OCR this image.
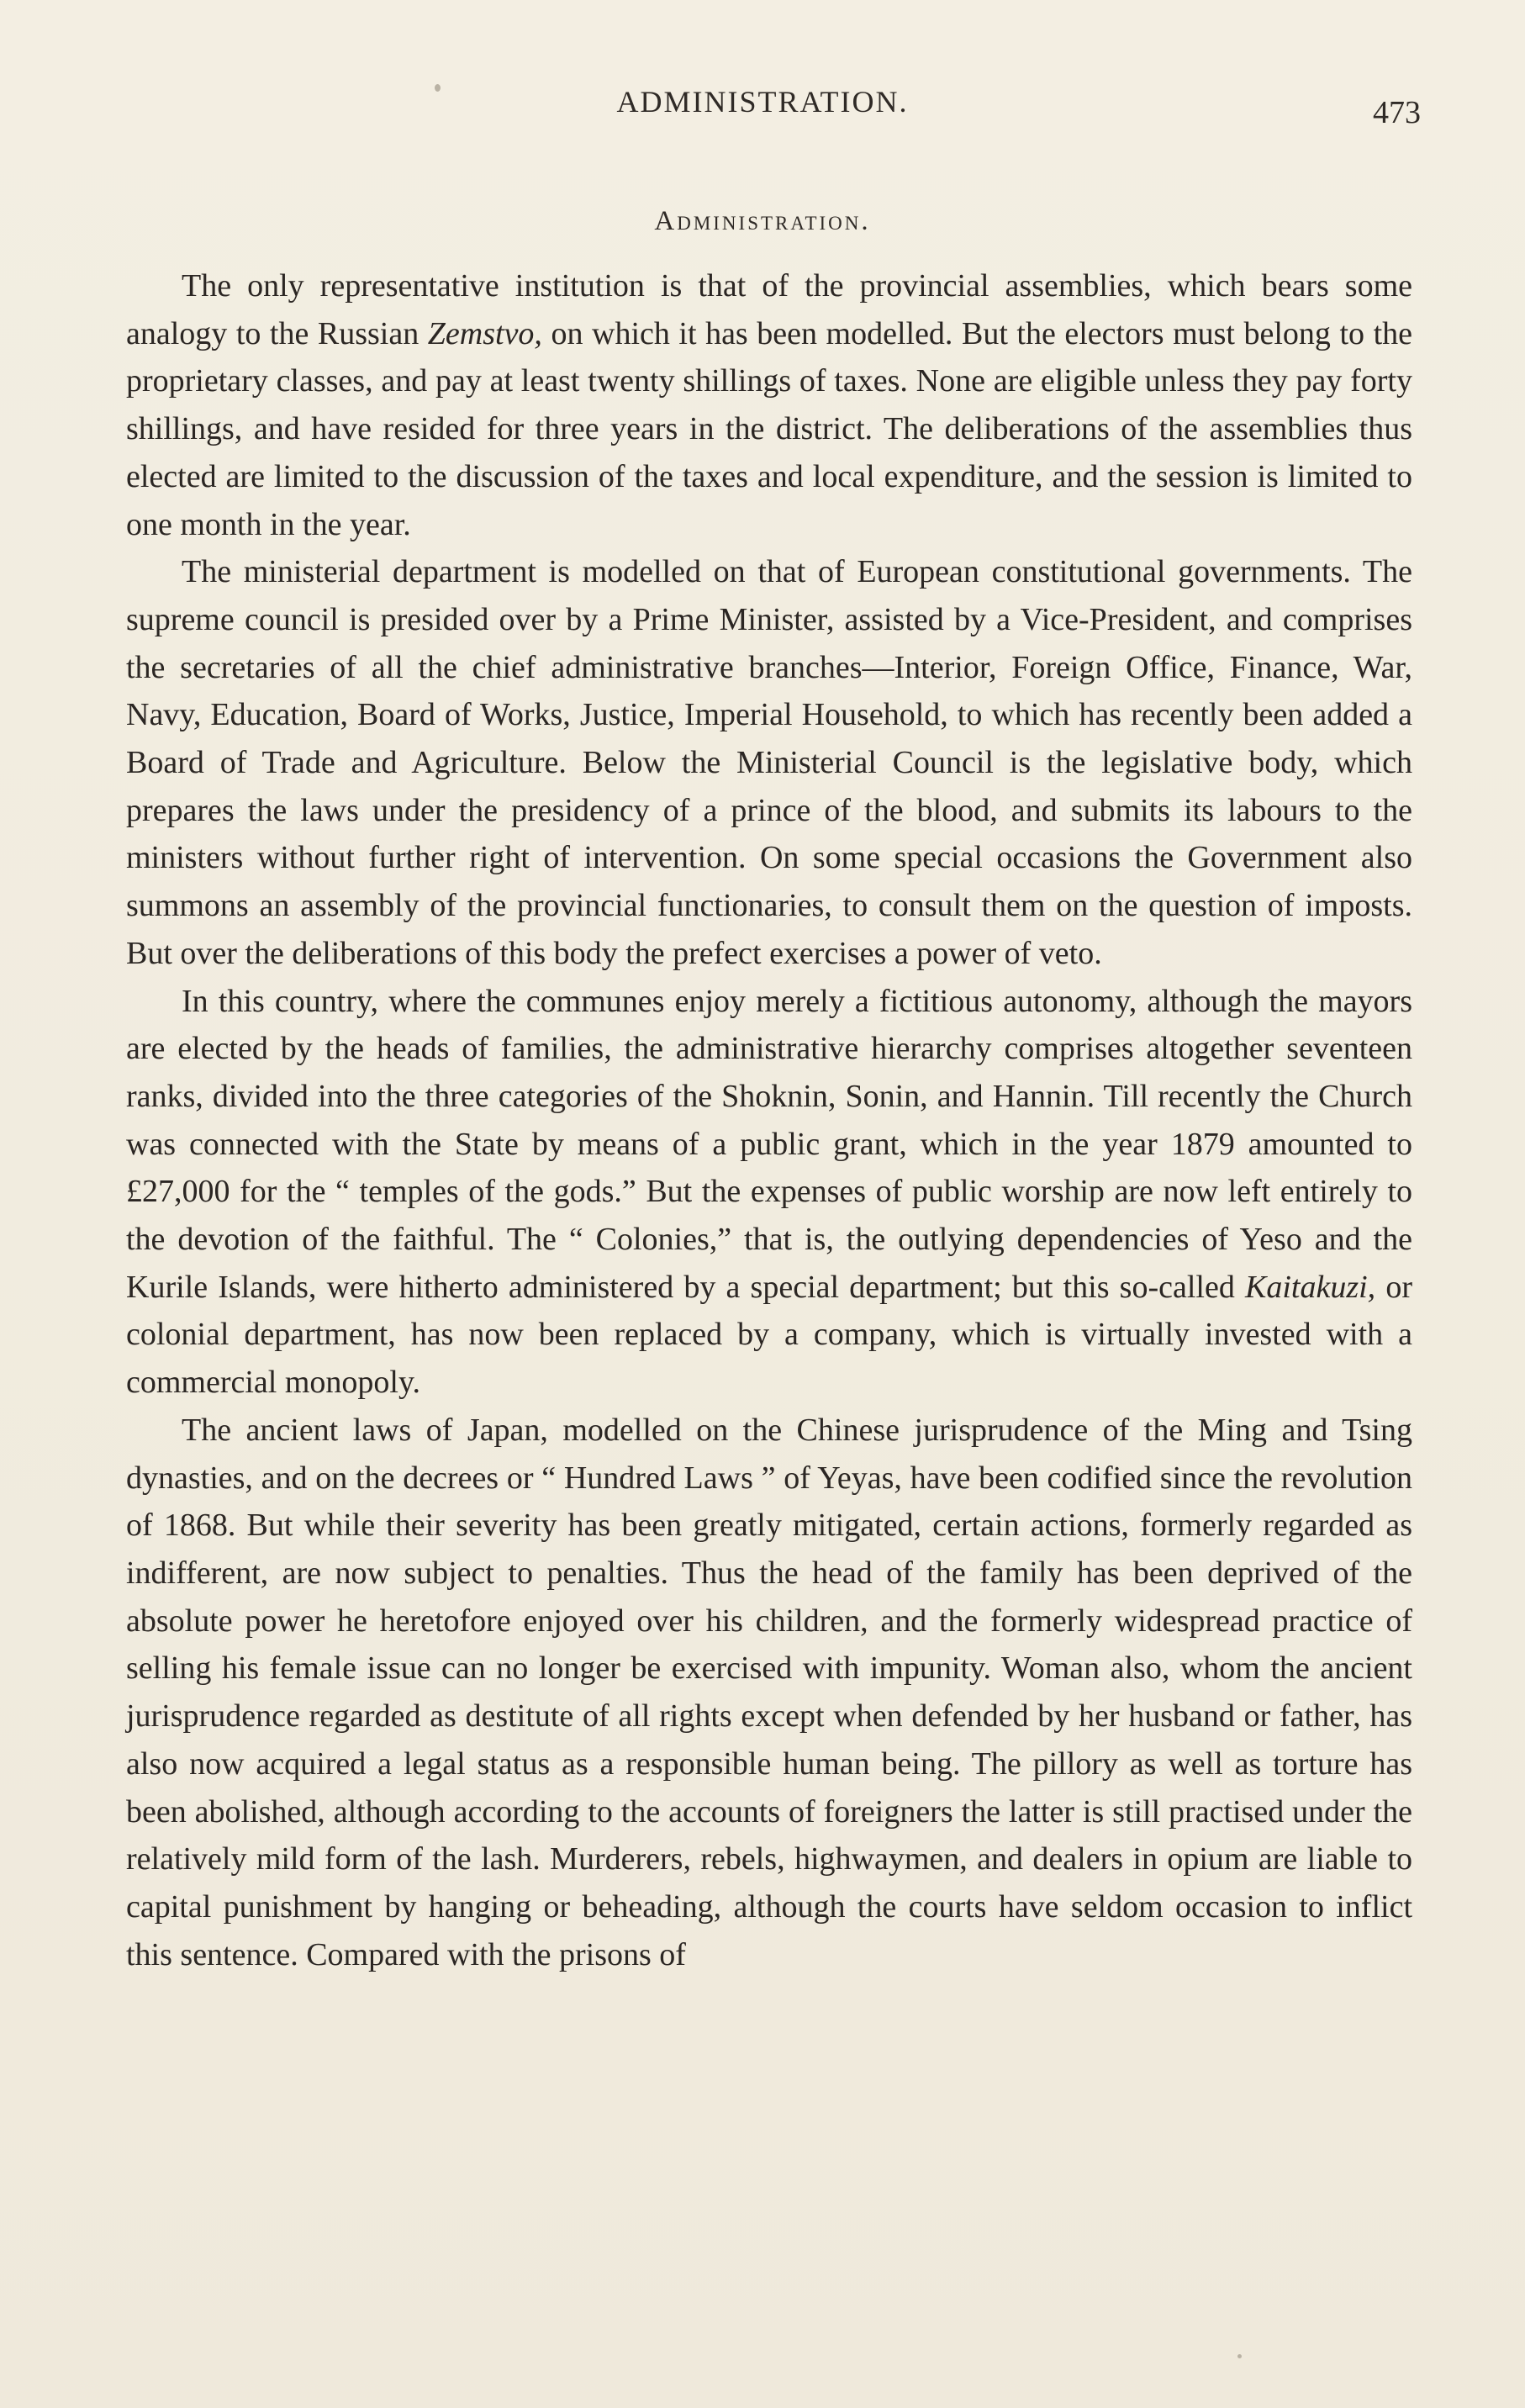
ADMINISTRATION.	473
Administration.

The only representative institution is that of the provincial assemblies, which bears some analogy to the Russian Zemstvo, on which it has been modelled. But the electors must belong to the proprietary classes, and pay at least twenty shillings of taxes. None are eligible unless they pay forty shillings, and have resided for three years in the district. The deliberations of the assemblies thus elected are limited to the discussion of the taxes and local expenditure, and the session is limited to one month in the year.

The ministerial department is modelled on that of European constitutional governments. The supreme council is presided over by a Prime Minister, assisted by a Vice-President, and comprises the secretaries of all the chief administrative branches—Interior, Foreign Office, Finance, War, Navy, Education, Board of Works, Justice, Imperial Household, to which has recently been added a Board of Trade and Agriculture. Below the Ministerial Council is the legislative body, which prepares the laws under the presidency of a prince of the blood, and submits its labours to the ministers without further right of intervention. On some special occasions the Government also summons an assembly of the provincial functionaries, to consult them on the question of imposts. But over the deliberations of this body the prefect exercises a power of veto.

In this country, where the communes enjoy merely a fictitious autonomy, although the mayors are elected by the heads of families, the administrative hierarchy comprises altogether seventeen ranks, divided into the three categories of the Shoknin, Sonin, and Hannin. Till recently the Church was connected with the State by means of a public grant, which in the year 1879 amounted to £27,000 for the “ temples of the gods.” But the expenses of public worship are now left entirely to the devotion of the faithful. The “ Colonies,” that is, the outlying dependencies of Yeso and the Kurile Islands, were hitherto administered by a special department; but this so-called Kaitakuzi, or colonial department, has now been replaced by a company, which is virtually invested with a commercial monopoly.

The ancient laws of Japan, modelled on the Chinese jurisprudence of the Ming and Tsing dynasties, and on the decrees or “ Hundred Laws ” of Yeyas, have been codified since the revolution of 1868. But while their severity has been greatly mitigated, certain actions, formerly regarded as indifferent, are now subject to penalties. Thus the head of the family has been deprived of the absolute power he heretofore enjoyed over his children, and the formerly widespread practice of selling his female issue can no longer be exercised with impunity. Woman also, whom the ancient jurisprudence regarded as destitute of all rights except when defended by her husband or father, has also now acquired a legal status as a responsible human being. The pillory as well as torture has been abolished, although according to the accounts of foreigners the latter is still practised under the relatively mild form of the lash. Murderers, rebels, highwaymen, and dealers in opium are liable to capital punishment by hanging or beheading, although the courts have seldom occasion to inflict this sentence. Compared with the prisons of
